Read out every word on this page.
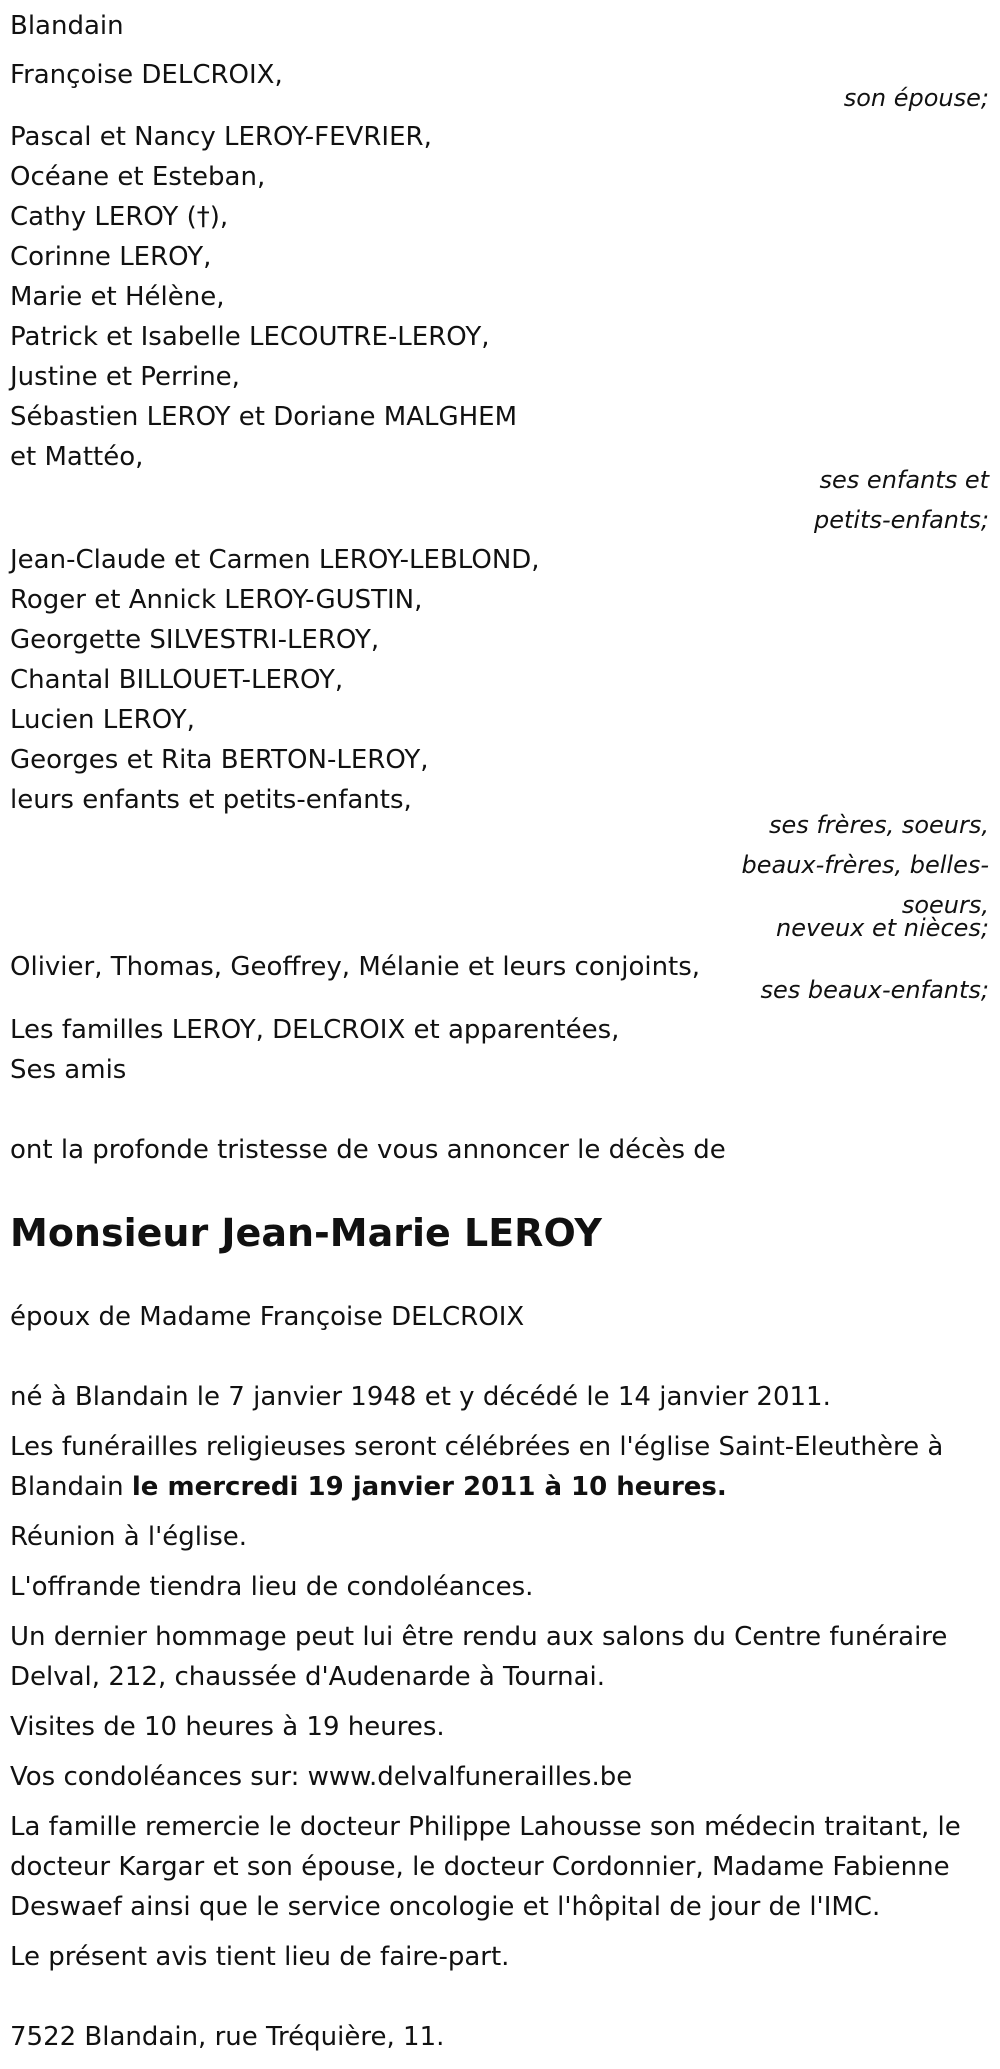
Blandain
Françoise DELCROIX,
son épouse;
Pascal et Nancy LEROY-FEVRIER,
Océane et Esteban,
Cathy LEROY (†),
Corinne LEROY,
Marie et Hélène,
Patrick et Isabelle LECOUTRE-LEROY,
Justine et Perrine,
Sébastien LEROY et Doriane MALGHEM
et Mattéo,
ses enfants et
petits-enfants;
Jean-Claude et Carmen LEROY-LEBLOND,
Roger et Annick LEROY-GUSTIN,
Georgette SILVESTRI-LEROY,
Chantal BILLOUET-LEROY,
Lucien LEROY,
Georges et Rita BERTON-LEROY,
leurs enfants et petits-enfants,
ses frères, soeurs,
beaux-frères, belles-
soeurs,
neveux et nièces;
Olivier, Thomas, Geoffrey, Mélanie et leurs conjoints,
ses beaux-enfants;
Les familles LEROY, DELCROIX et apparentées,
Ses amis
ont la profonde tristesse de vous annoncer le décès de
Monsieur Jean-Marie LEROY
époux de Madame Françoise DELCROIX
né à Blandain le 7 janvier 1948 et y décédé le 14 janvier 2011.
Les funérailles religieuses seront célébrées en l'église Saint-Eleuthère à
Blandain le mercredi 19 janvier 2011 à 10 heures.
Réunion à l'église.
L'offrande tiendra lieu de condoléances.
Un dernier hommage peut lui être rendu aux salons du Centre funéraire
Delval, 212, chaussée d'Audenarde à Tournai.
Visites de 10 heures à 19 heures.
Vos condoléances sur: www.delvalfunerailles.be
La famille remercie le docteur Philippe Lahousse son médecin traitant, le
docteur Kargar et son épouse, le docteur Cordonnier, Madame Fabienne
Deswaef ainsi que le service oncologie et l'hôpital de jour de l'IMC.
Le présent avis tient lieu de faire-part.
7522 Blandain, rue Tréquière, 11.
